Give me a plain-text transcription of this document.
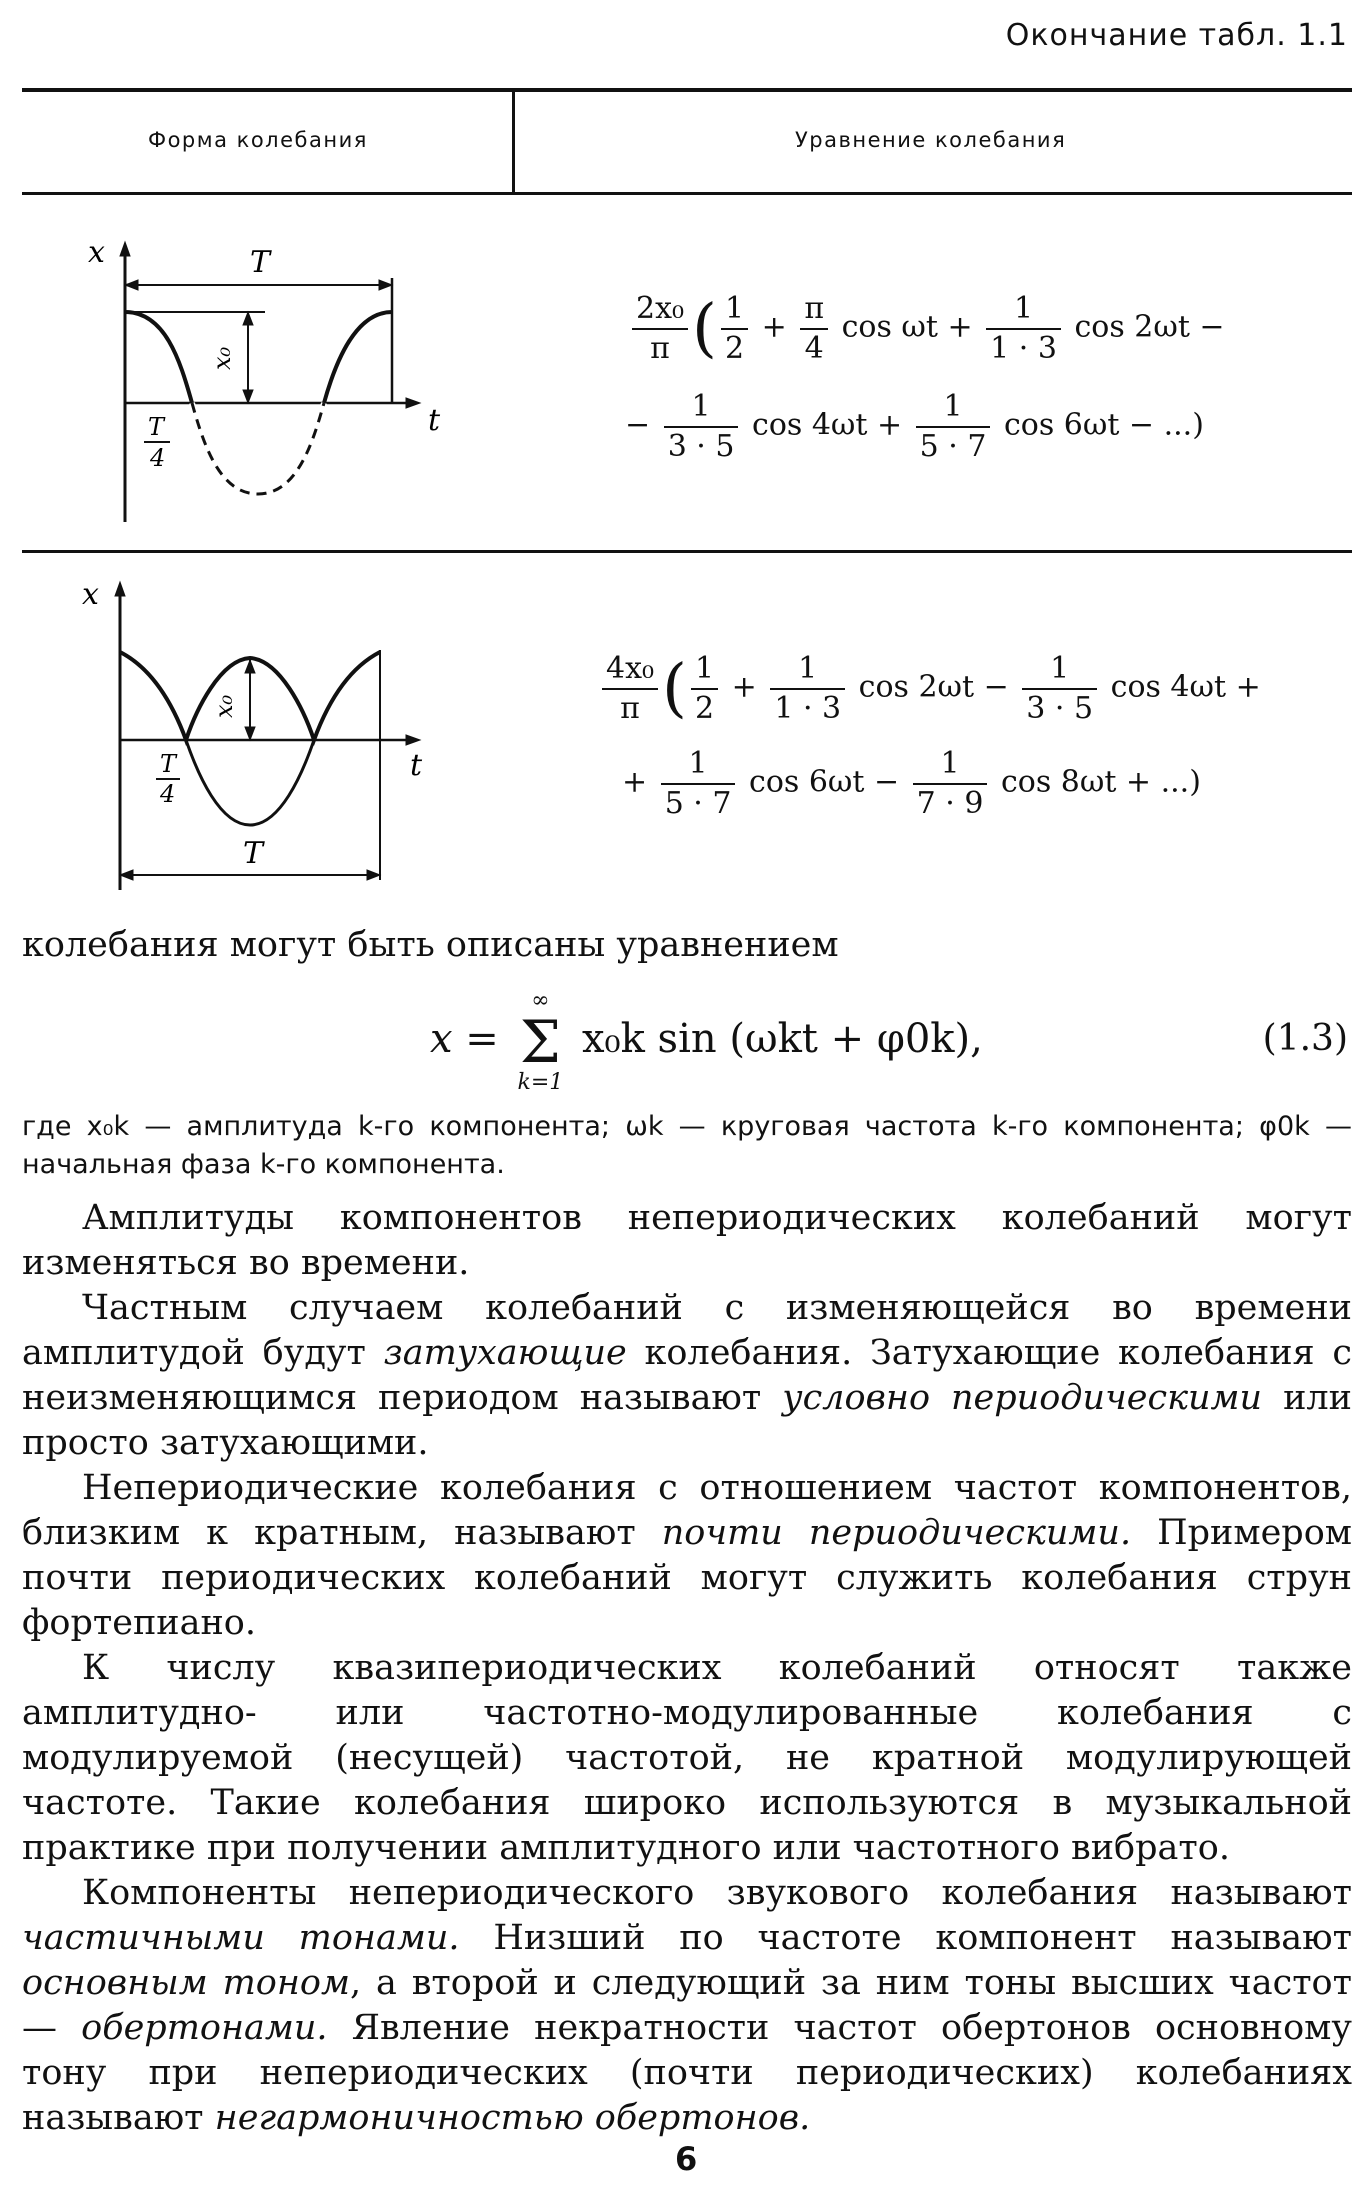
Окончание табл. 1.1
Форма колебания	Уравнение колебания
x
t
T
x₀
T
4
$\frac{\text{2x₀}}{\pi}$ ( $\frac{1}{2} + \frac{\pi}{4}$ $\cos \omega t + \frac{1}{1 \cdot 3}$ cos 2ωt −
− $\frac{1}{3 \cdot 5}$ $\cos 4\omega t + \frac{1}{5 \cdot 7}$ cos 6ωt − ...)
x
t
T
x₀
T
4
$\frac{\text{4x₀}}{\pi}$ ( $\frac{1}{2} + \frac{1}{1 \cdot 3}$ $\cos 2\omega t - \frac{1}{3 \cdot 5}$ cos 4ωt +
+ $\frac{1}{5 \cdot 7}$ $\cos 6\omega t - \frac{1}{7 \cdot 9}$ cos 8ωt + ...)
колебания могут быть описаны уравнением
x =
∞
Σ
k=1
x₀k sin (ωkt + φ0k),	(1.3)
где x₀k — амплитуда k-го компонента; ωk — круговая частота k-го компонента; φ0k — начальная фаза k-го компонента.

Амплитуды компонентов непериодических колебаний могут изменяться во времени.

Частным случаем колебаний с изменяющейся во времени амплитудой будут затухающие колебания. Затухающие колебания с неизменяющимся периодом называют условно периодическими или просто затухающими.

Непериодические колебания с отношением частот компонентов, близким к кратным, называют почти периодическими. Примером почти периодических колебаний могут служить колебания струн фортепиано.

К числу квазипериодических колебаний относят также амплитудно- или частотно-модулированные колебания с модулируемой (несущей) частотой, не кратной модулирующей частоте. Такие колебания широко используются в музыкальной практике при получении амплитудного или частотного вибрато.

Компоненты непериодического звукового колебания называют частичными тонами. Низший по частоте компонент называют основным тоном, а второй и следующий за ним тоны высших частот — обертонами. Явление некратности частот обертонов основному тону при непериодических (почти периодических) колебаниях называют негармоничностью обертонов.

6
